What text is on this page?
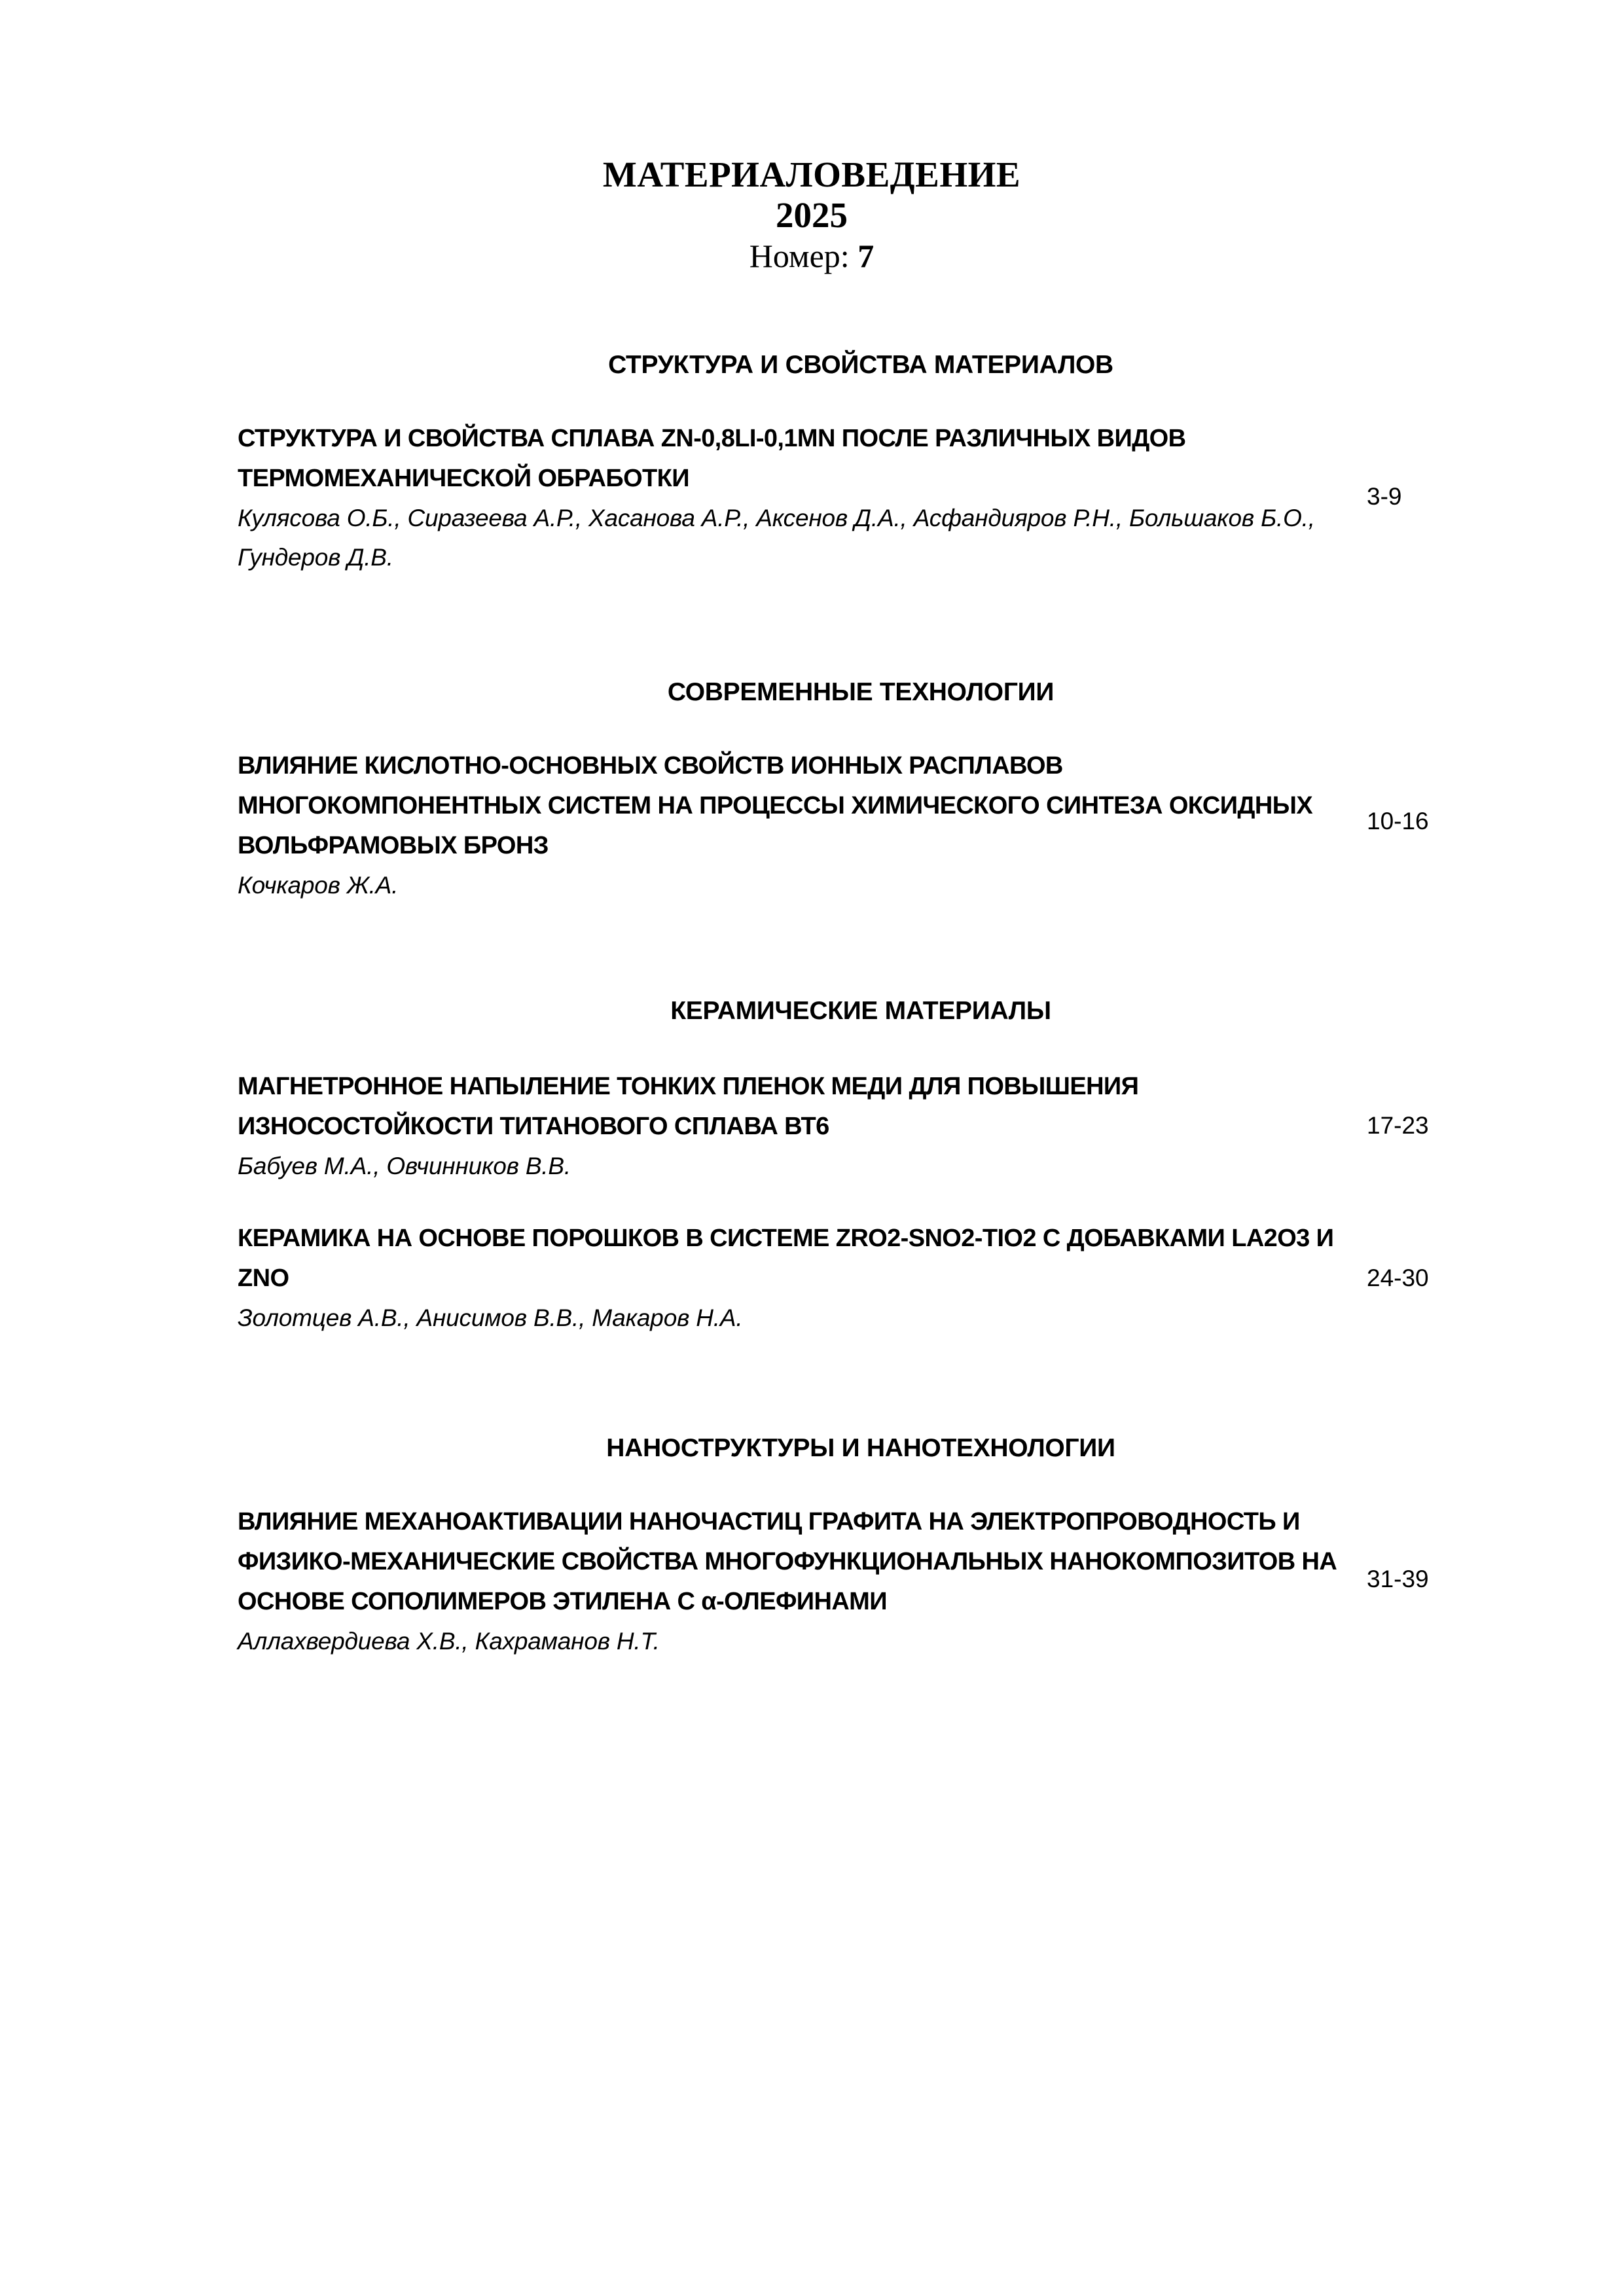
МАТЕРИАЛОВЕДЕНИЕ
2025
Номер: 7
СТРУКТУРА И СВОЙСТВА МАТЕРИАЛОВ
СТРУКТУРА И СВОЙСТВА СПЛАВА ZN-0,8LI-0,1MN ПОСЛЕ РАЗЛИЧНЫХ ВИДОВ ТЕРМОМЕХАНИЧЕСКОЙ ОБРАБОТКИ
Кулясова О.Б., Сиразеева А.Р., Хасанова А.Р., Аксенов Д.А., Асфандияров Р.Н., Большаков Б.О., Гундеров Д.В.
3-9
СОВРЕМЕННЫЕ ТЕХНОЛОГИИ
ВЛИЯНИЕ КИСЛОТНО-ОСНОВНЫХ СВОЙСТВ ИОННЫХ РАСПЛАВОВ МНОГОКОМПОНЕНТНЫХ СИСТЕМ НА ПРОЦЕССЫ ХИМИЧЕСКОГО СИНТЕЗА ОКСИДНЫХ ВОЛЬФРАМОВЫХ БРОНЗ
Кочкаров Ж.А.
10-16
КЕРАМИЧЕСКИЕ МАТЕРИАЛЫ
МАГНЕТРОННОЕ НАПЫЛЕНИЕ ТОНКИХ ПЛЕНОК МЕДИ ДЛЯ ПОВЫШЕНИЯ ИЗНОСОСТОЙКОСТИ ТИТАНОВОГО СПЛАВА ВТ6
Бабуев М.А., Овчинников В.В.
17-23
КЕРАМИКА НА ОСНОВЕ ПОРОШКОВ В СИСТЕМЕ ZRO2-SNO2-TIO2 С ДОБАВКАМИ LA2O3 И ZNO
Золотцев А.В., Анисимов В.В., Макаров Н.А.
24-30
НАНОСТРУКТУРЫ И НАНОТЕХНОЛОГИИ
ВЛИЯНИЕ МЕХАНОАКТИВАЦИИ НАНОЧАСТИЦ ГРАФИТА НА ЭЛЕКТРОПРОВОДНОСТЬ И ФИЗИКО-МЕХАНИЧЕСКИЕ СВОЙСТВА МНОГОФУНКЦИОНАЛЬНЫХ НАНОКОМПОЗИТОВ НА ОСНОВЕ СОПОЛИМЕРОВ ЭТИЛЕНА С α-ОЛЕФИНАМИ
Аллахвердиева Х.В., Кахраманов Н.Т.
31-39
